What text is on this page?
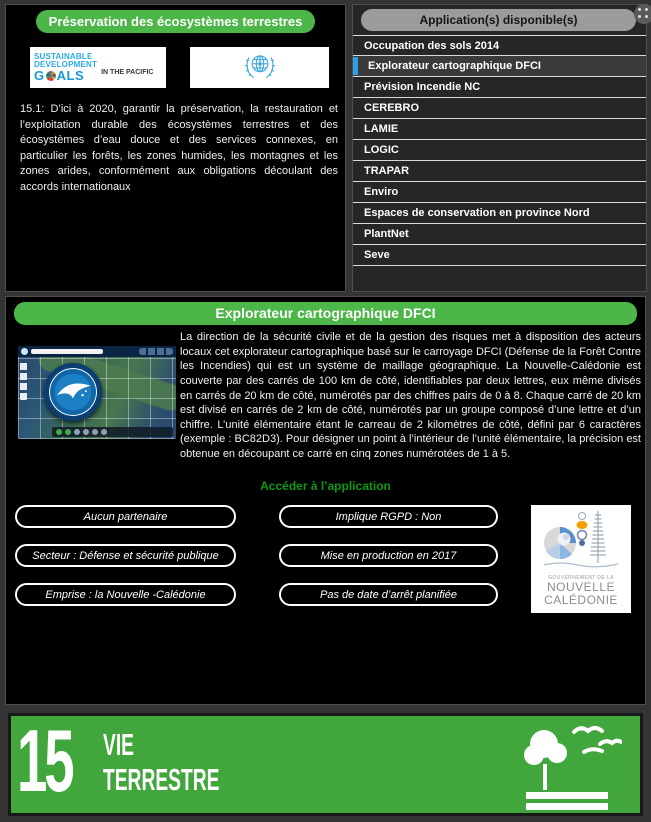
Préservation des écosystèmes terrestres
SUSTAINABLE
DEVELOPMENT
G ALS IN THE PACIFIC

15.1: D’ici à 2020, garantir la préservation, la restauration et l’exploitation durable des écosystèmes terrestres et des écosystèmes d’eau douce et des services connexes, en particulier les forêts, les zones humides, les montagnes et les zones arides, conformément aux obligations découlant des accords internationaux

Application(s) disponible(s)
Occupation des sols 2014
Explorateur cartographique DFCI
Prévision Incendie NC
CEREBRO
LAMIE
LOGIC
TRAPAR
Enviro
Espaces de conservation en province Nord
PlantNet
Seve
Explorateur cartographique DFCI

La direction de la sécurité civile et de la gestion des risques met à disposition des acteurs locaux cet explorateur cartographique basé sur le carroyage DFCI (Défense de la Forêt Contre les Incendies) qui est un système de maillage géographique. La Nouvelle-Calédonie est couverte par des carrés de 100 km de côté, identifiables par deux lettres, eux même divisés en carrés de 20 km de côté, numérotés par des chiffres pairs de 0 à 8. Chaque carré de 20 km est divisé en carrés de 2 km de côté, numérotés par un groupe composé d’une lettre et d’un chiffre. L’unité élémentaire étant le carreau de 2 kilomètres de côté, défini par 6 caractères (exemple : BC82D3). Pour désigner un point à l’intérieur de l’unité élémentaire, la précision est obtenue en découpant ce carré en cinq zones numérotées de 1 à 5.

Accéder à l’application
Aucun partenaire	Implique RGPD : Non
Secteur : Défense et sécurité publique	Mise en production en 2017
Emprise : la Nouvelle -Calédonie	Pas de date d’arrêt planifiée
GOUVERNEMENT DE LA
NOUVELLE
CALÉDONIE
15 VIE
TERRESTRE
